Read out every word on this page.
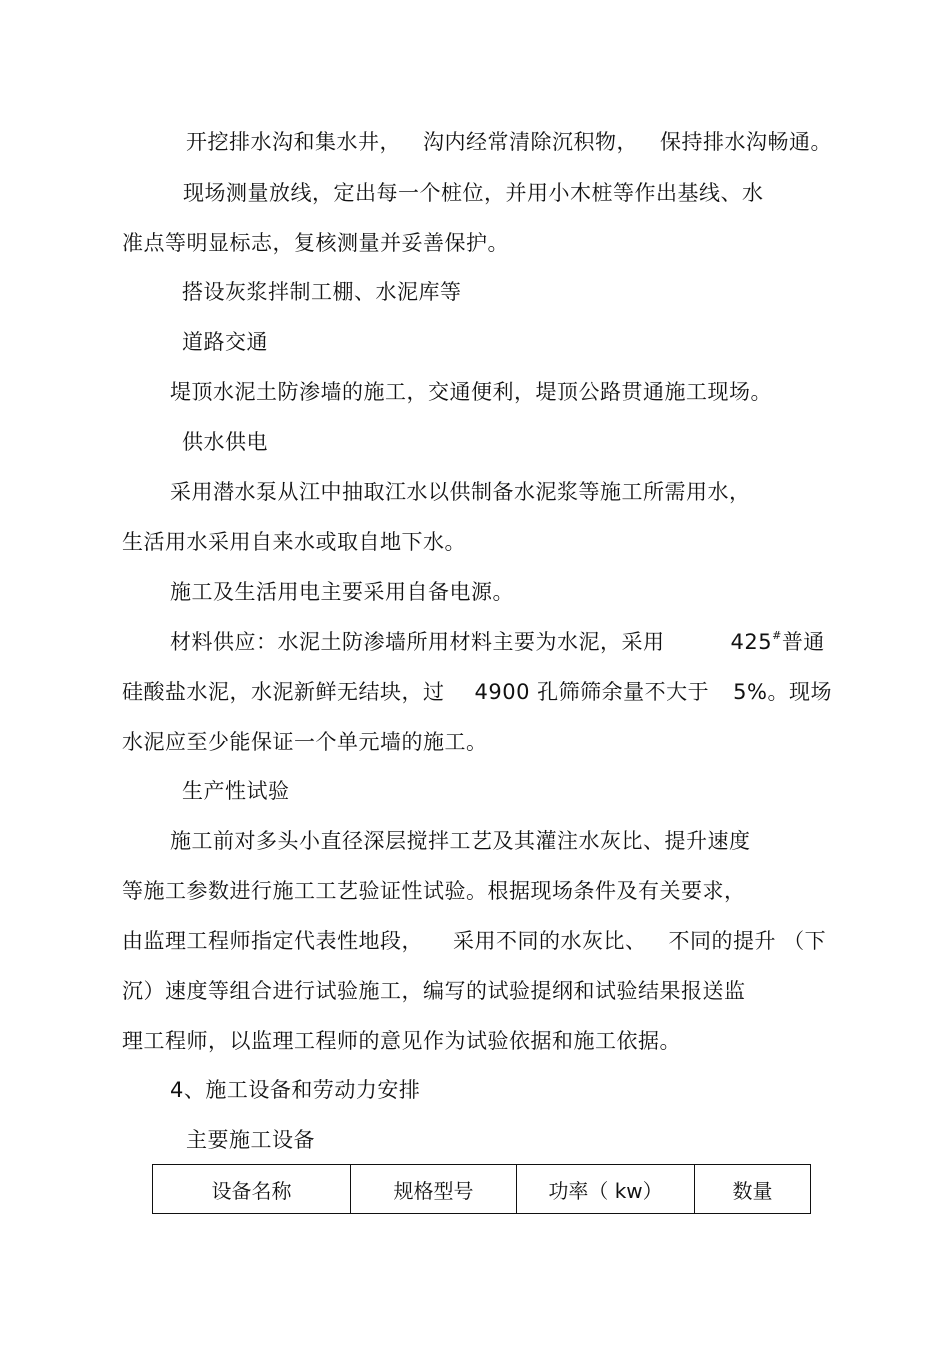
开挖排水沟和集水井， 沟内经常清除沉积物， 保持排水沟畅通。
现场测量放线，定出每一个桩位，并用小木桩等作出基线、水
准点等明显标志，复核测量并妥善保护。
搭设灰浆拌制工棚、水泥库等
道路交通
堤顶水泥土防渗墙的施工，交通便利，堤顶公路贯通施工现场。
供水供电
采用潜水泵从江中抽取江水以供制备水泥浆等施工所需用水，
生活用水采用自来水或取自地下水。
施工及生活用电主要采用自备电源。
材料供应：水泥土防渗墙所用材料主要为水泥，采用	425#普通
硅酸盐水泥，水泥新鲜无结块，过 4900 孔筛筛余量不大于 5%。现场
水泥应至少能保证一个单元墙的施工。
生产性试验
施工前对多头小直径深层搅拌工艺及其灌注水灰比、提升速度
等施工参数进行施工工艺验证性试验。根据现场条件及有关要求，
由监理工程师指定代表性地段， 采用不同的水灰比、 不同的提升 （下
沉）速度等组合进行试验施工，编写的试验提纲和试验结果报送监
理工程师，以监理工程师的意见作为试验依据和施工依据。
4、施工设备和劳动力安排
主要施工设备
设备名称	规格型号	功率（ kw）	数量
